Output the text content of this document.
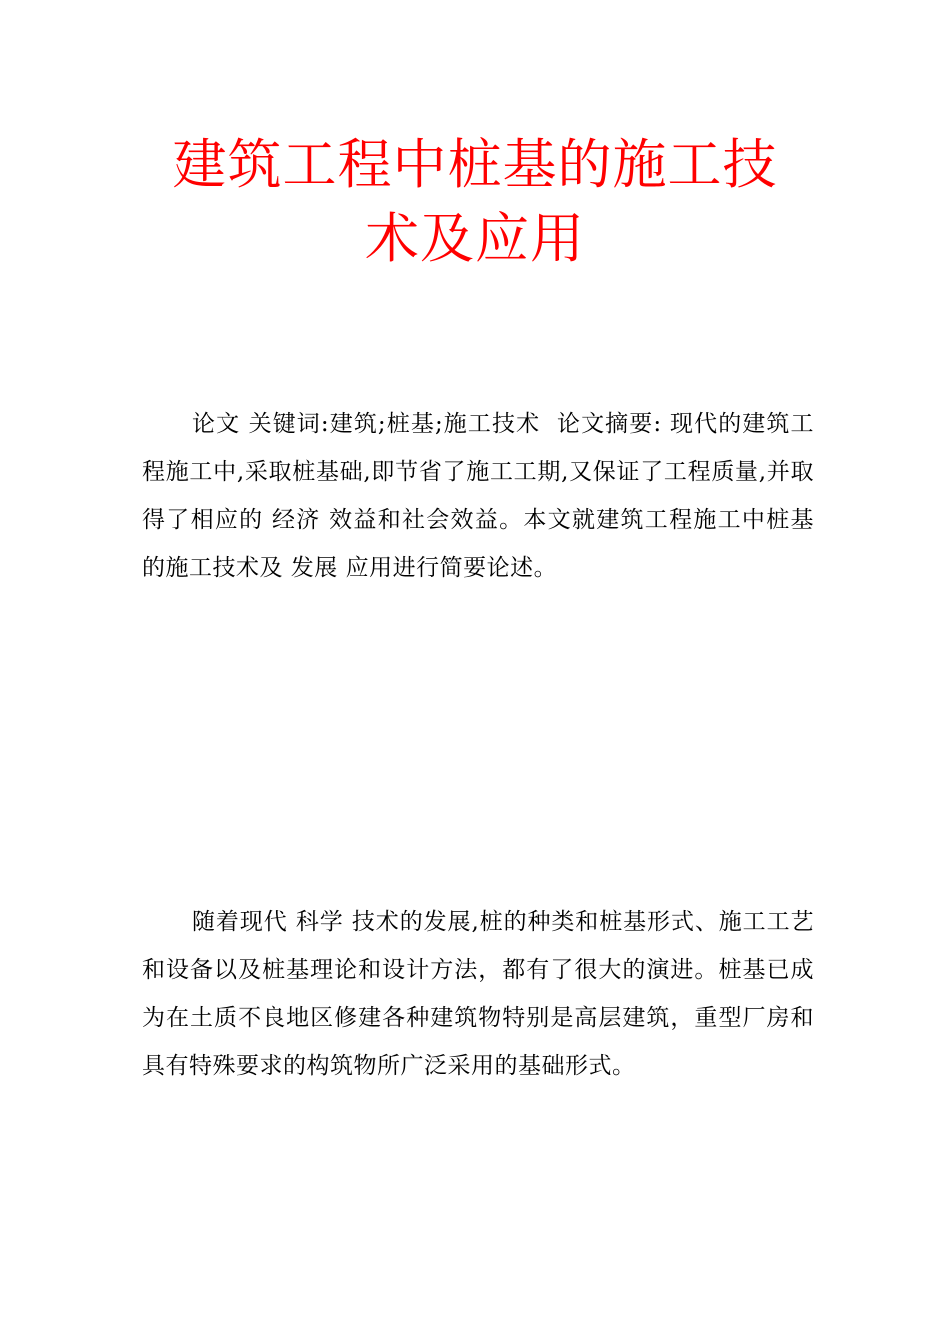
建筑工程中桩基的施工技
术及应用

论文 关键词:建筑;桩基;施工技术  论文摘要: 现代的建筑工程施工中,采取桩基础,即节省了施工工期,又保证了工程质量,并取得了相应的 经济 效益和社会效益。本文就建筑工程施工中桩基的施工技术及 发展 应用进行简要论述。

随着现代 科学 技术的发展,桩的种类和桩基形式、施工工艺和设备以及桩基理论和设计方法，都有了很大的演进。桩基已成为在土质不良地区修建各种建筑物特别是高层建筑，重型厂房和具有特殊要求的构筑物所广泛采用的基础形式。
